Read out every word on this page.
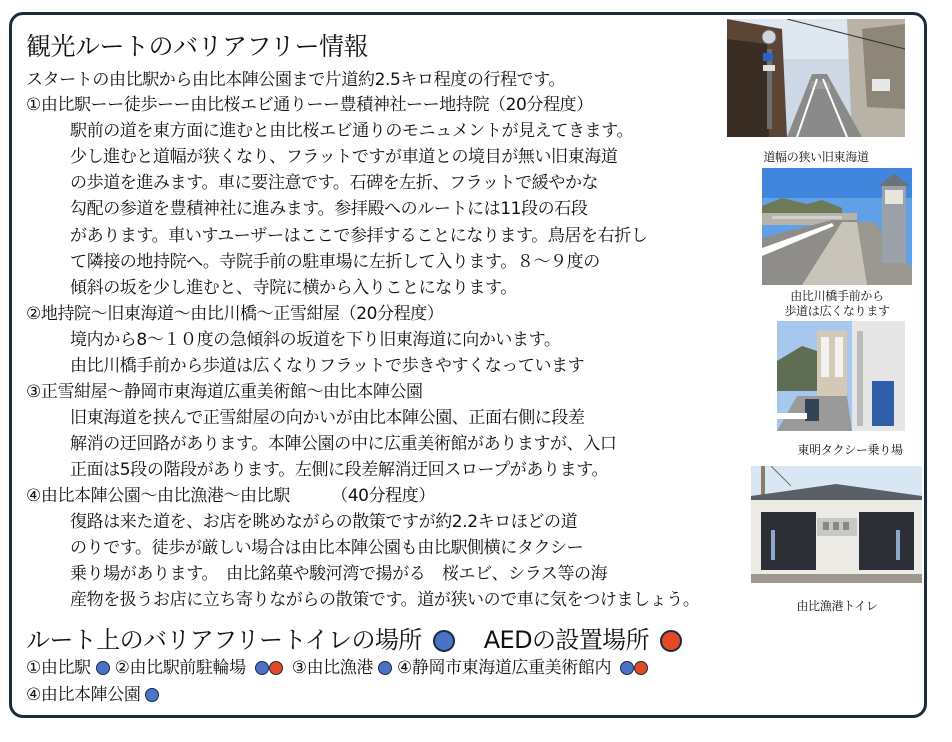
観光ルートのバリアフリー情報
スタートの由比駅から由比本陣公園まで片道約2.5キロ程度の行程です。
①由比駅ーー徒歩ーー由比桜エビ通りーー豊積神社ーー地持院（20分程度）
駅前の道を東方面に進むと由比桜エビ通りのモニュメントが見えてきます。
少し進むと道幅が狭くなり、フラットですが車道との境目が無い旧東海道
の歩道を進みます。車に要注意です。石碑を左折、フラットで緩やかな
勾配の参道を豊積神社に進みます。参拝殿へのルートには11段の石段
があります。車いすユーザーはここで参拝することになります。鳥居を右折し
て隣接の地持院へ。寺院手前の駐車場に左折して入ります。８～９度の
傾斜の坂を少し進むと、寺院に横から入りことになります。
②地持院～旧東海道～由比川橋～正雪紺屋（20分程度）
境内から8～１０度の急傾斜の坂道を下り旧東海道に向かいます。
由比川橋手前から歩道は広くなりフラットで歩きやすくなっています
③正雪紺屋～静岡市東海道広重美術館～由比本陣公園
旧東海道を挟んで正雪紺屋の向かいが由比本陣公園、正面右側に段差
解消の迂回路があります。本陣公園の中に広重美術館がありますが、入口
正面は5段の階段があります。左側に段差解消迂回スロープがあります。
④由比本陣公園～由比漁港～由比駅　　　（40分程度）
復路は来た道を、お店を眺めながらの散策ですが約2.2キロほどの道
のりです。徒歩が厳しい場合は由比本陣公園も由比駅側横にタクシー
乗り場があります。　由比銘菓や駿河湾で揚がる　桜エビ、シラス等の海
産物を扱うお店に立ち寄りながらの散策です。道が狭いので車に気をつけましょう。
ルート上のバリアフリートイレの場所	AEDの設置場所
①由比駅 ②由比駅前駐輪場	③由比漁港 ④静岡市東海道広重美術館内
④由比本陣公園
道幅の狭い旧東海道
由比川橋手前から
歩道は広くなります
東明タクシー乗り場
由比漁港トイレ
